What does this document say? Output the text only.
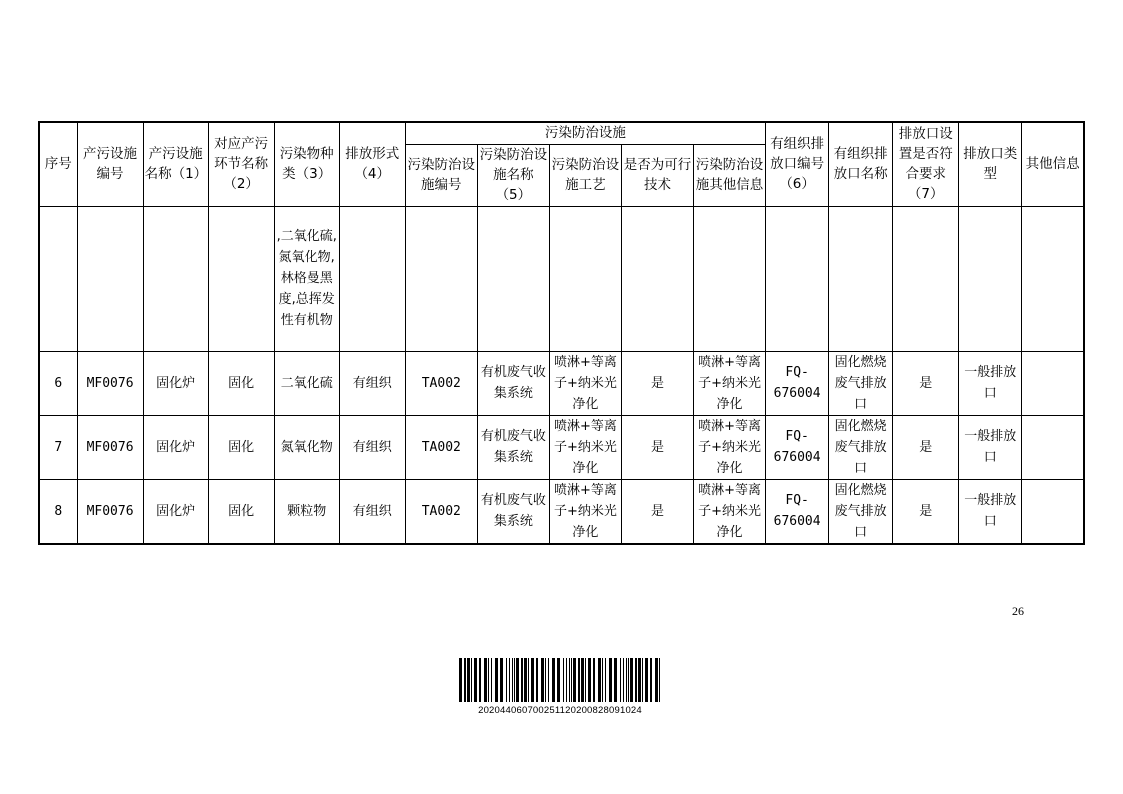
序号	产污设施编号	产污设施名称（1）	对应产污环节名称（2）	污染物种类（3）	排放形式（4）	污染防治设施					有组织排放口编号（6）	有组织排放口名称	排放口设置是否符合要求（7）	排放口类型	其他信息
						污染防治设施编号	污染防治设施名称（5）	污染防治设施工艺	是否为可行技术	污染防治设施其他信息					
				,二氧化硫,氮氧化物,林格曼黑度,总挥发性有机物											
6	MF0076	固化炉	固化	二氧化硫	有组织	TA002	有机废气收集系统	喷淋+等离子+纳米光净化	是	喷淋+等离子+纳米光净化	FQ-676004	固化燃烧废气排放口	是	一般排放口	
7	MF0076	固化炉	固化	氮氧化物	有组织	TA002	有机废气收集系统	喷淋+等离子+纳米光净化	是	喷淋+等离子+纳米光净化	FQ-676004	固化燃烧废气排放口	是	一般排放口	
8	MF0076	固化炉	固化	颗粒物	有组织	TA002	有机废气收集系统	喷淋+等离子+纳米光净化	是	喷淋+等离子+纳米光净化	FQ-676004	固化燃烧废气排放口	是	一般排放口	
26
202044060700251120200828091024
